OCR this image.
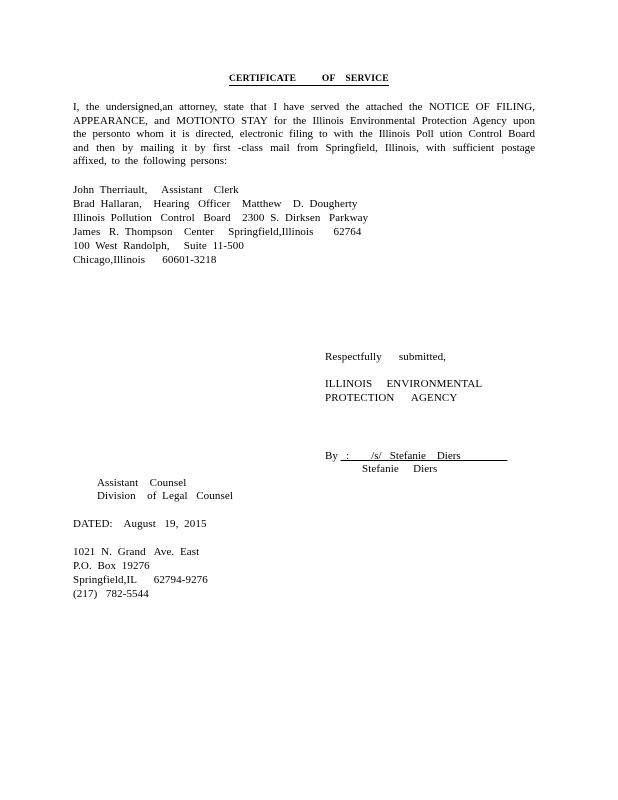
CERTIFICATE          OF    SERVICE
I, the undersigned,an attorney, state that I have served the attached the NOTICE OF FILING, APPEARANCE, and MOTIONTO STAY for the Illinois Environmental Protection Agency upon the personto whom it is directed, electronic filing to with the Illinois Poll ution Control Board and then by mailing it by first -class mail from Springfield, Illinois, with sufficient postage affixed, to the following persons:
John  Therriault,     Assistant    Clerk
Brad  Hallaran,    Hearing   Officer    Matthew    D.  Dougherty
Illinois  Pollution   Control   Board    2300  S.  Dirksen   Parkway
James   R.  Thompson    Center     Springfield,Illinois       62764
100  West  Randolph,     Suite  11-500
Chicago,Illinois      60601-3218
Respectfully      submitted,
ILLINOIS     ENVIRONMENTAL
PROTECTION      AGENCY
By _:____/s/   Stefanie    Diers ________
Stefanie     Diers
Assistant    Counsel
Division    of  Legal   Counsel
DATED:    August   19,  2015
1021  N.  Grand   Ave.  East
P.O.  Box  19276
Springfield,IL      62794-9276
(217)   782-5544
